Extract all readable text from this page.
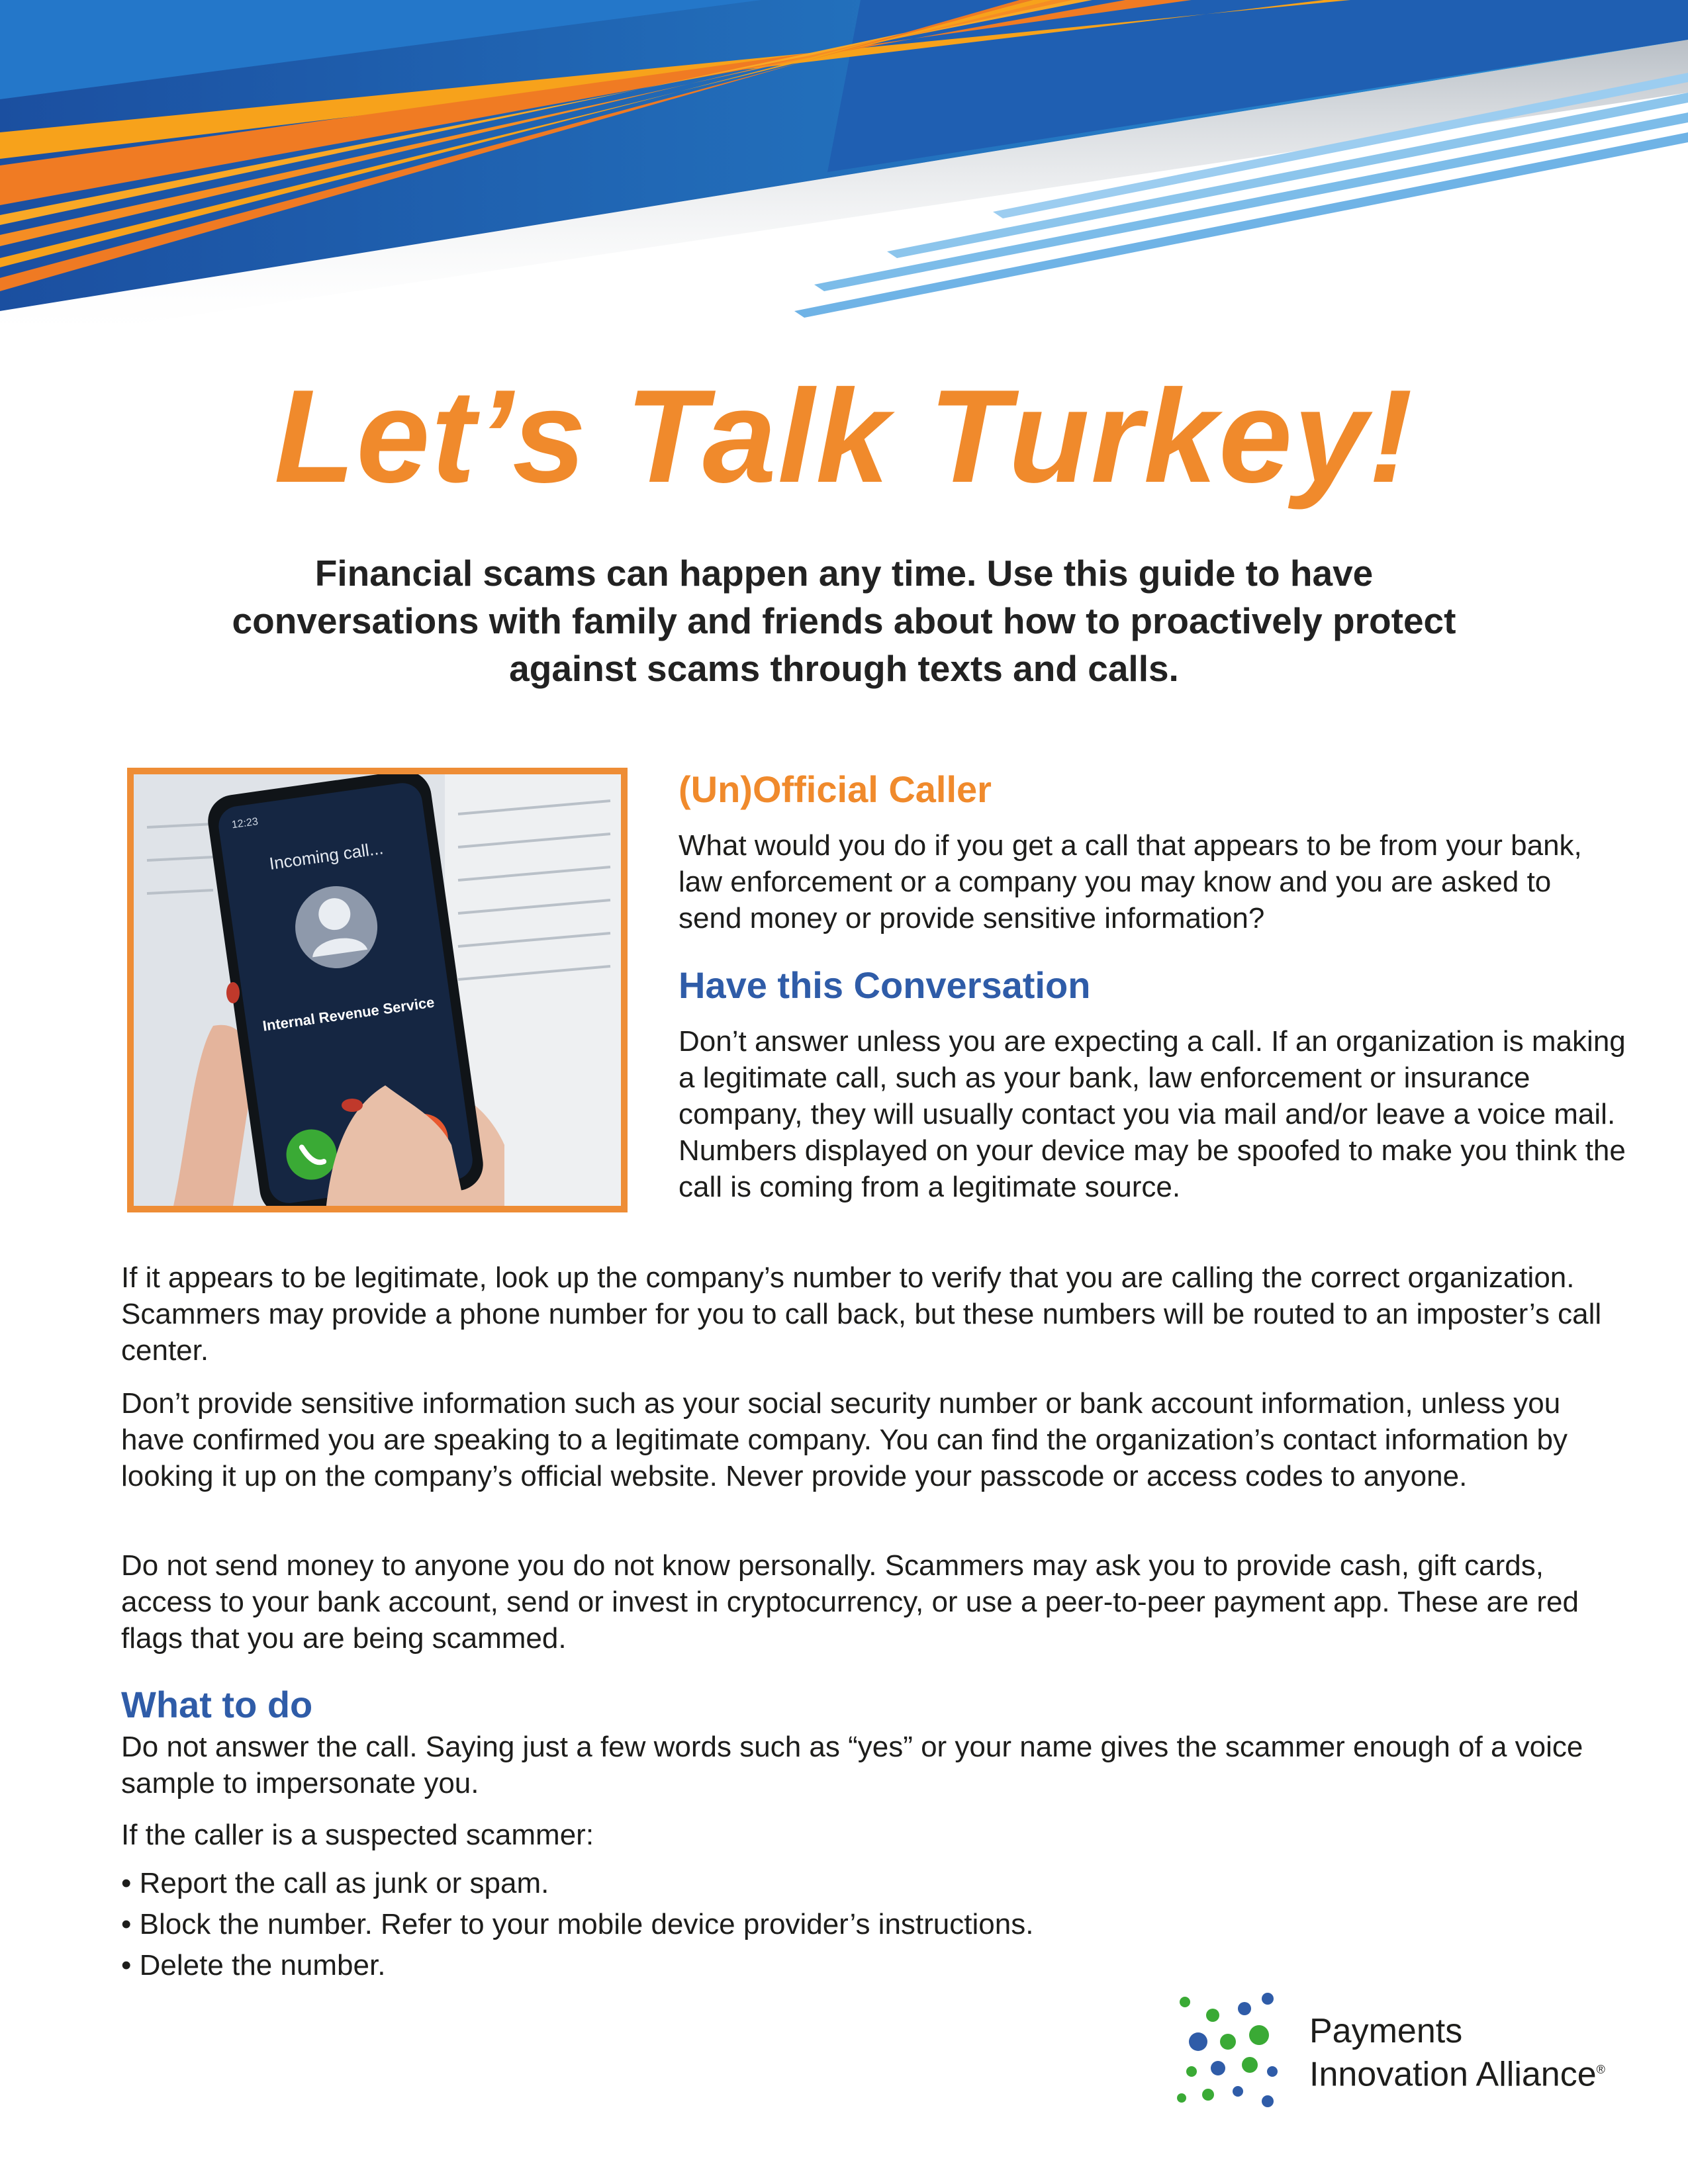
Let’s Talk Turkey!
Financial scams can happen any time. Use this guide to have conversations with family and friends about how to proactively protect against scams through texts and calls.
12:23
Incoming call...
Internal Revenue Service
(Un)Official Caller

What would you do if you get a call that appears to be from your bank, law enforcement or a company you may know and you are asked to send money or provide sensitive information?

Have this Conversation

Don’t answer unless you are expecting a call. If an organization is making a legitimate call, such as your bank, law enforcement or insurance company, they will usually contact you via mail and/or leave a voice mail. Numbers displayed on your device may be spoofed to make you think the call is coming from a legitimate source.

If it appears to be legitimate, look up the company’s number to verify that you are calling the correct organization. Scammers may provide a phone number for you to call back, but these numbers will be routed to an imposter’s call center.

Don’t provide sensitive information such as your social security number or bank account information, unless you have confirmed you are speaking to a legitimate company. You can find the organization’s contact information by looking it up on the company’s official website. Never provide your passcode or access codes to anyone.

Do not send money to anyone you do not know personally. Scammers may ask you to provide cash, gift cards, access to your bank account, send or invest in cryptocurrency, or use a peer-to-peer payment app. These are red flags that you are being scammed.

What to do

Do not answer the call. Saying just a few words such as “yes” or your name gives the scammer enough of a voice sample to impersonate you.

If the caller is a suspected scammer:

• Report the call as junk or spam.
• Block the number. Refer to your mobile device provider’s instructions.
• Delete the number.
Payments
Innovation Alliance®
